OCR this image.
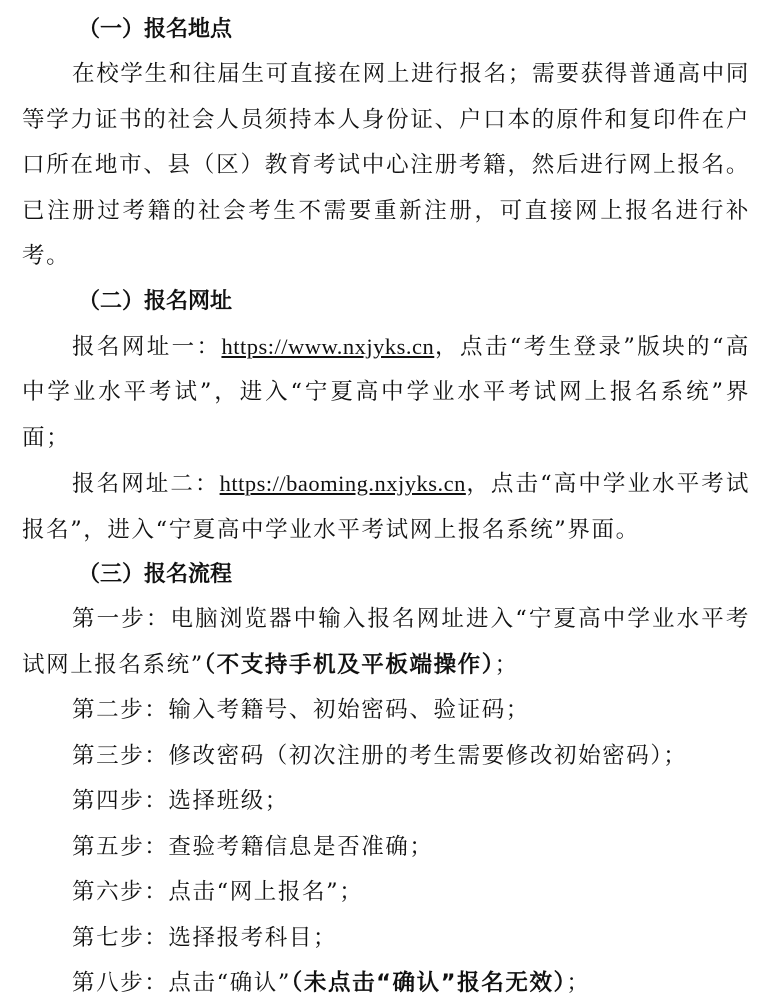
（一）报名地点

在校学生和往届生可直接在网上进行报名；需要获得普通高中同等学力证书的社会人员须持本人身份证、户口本的原件和复印件在户口所在地市、县（区）教育考试中心注册考籍，然后进行网上报名。已注册过考籍的社会考生不需要重新注册，可直接网上报名进行补考。

（二）报名网址

报名网址一：https://www.nxjyks.cn，点击“考生登录”版块的“高中学业水平考试”，进入“宁夏高中学业水平考试网上报名系统”界面；

报名网址二：https://baoming.nxjyks.cn，点击“高中学业水平考试报名”，进入“宁夏高中学业水平考试网上报名系统”界面。

（三）报名流程

第一步：电脑浏览器中输入报名网址进入“宁夏高中学业水平考试网上报名系统”（不支持手机及平板端操作）；

第二步：输入考籍号、初始密码、验证码；

第三步：修改密码（初次注册的考生需要修改初始密码）；

第四步：选择班级；

第五步：查验考籍信息是否准确；

第六步：点击“网上报名”；

第七步：选择报考科目；

第八步：点击“确认”（未点击“确认”报名无效）；
